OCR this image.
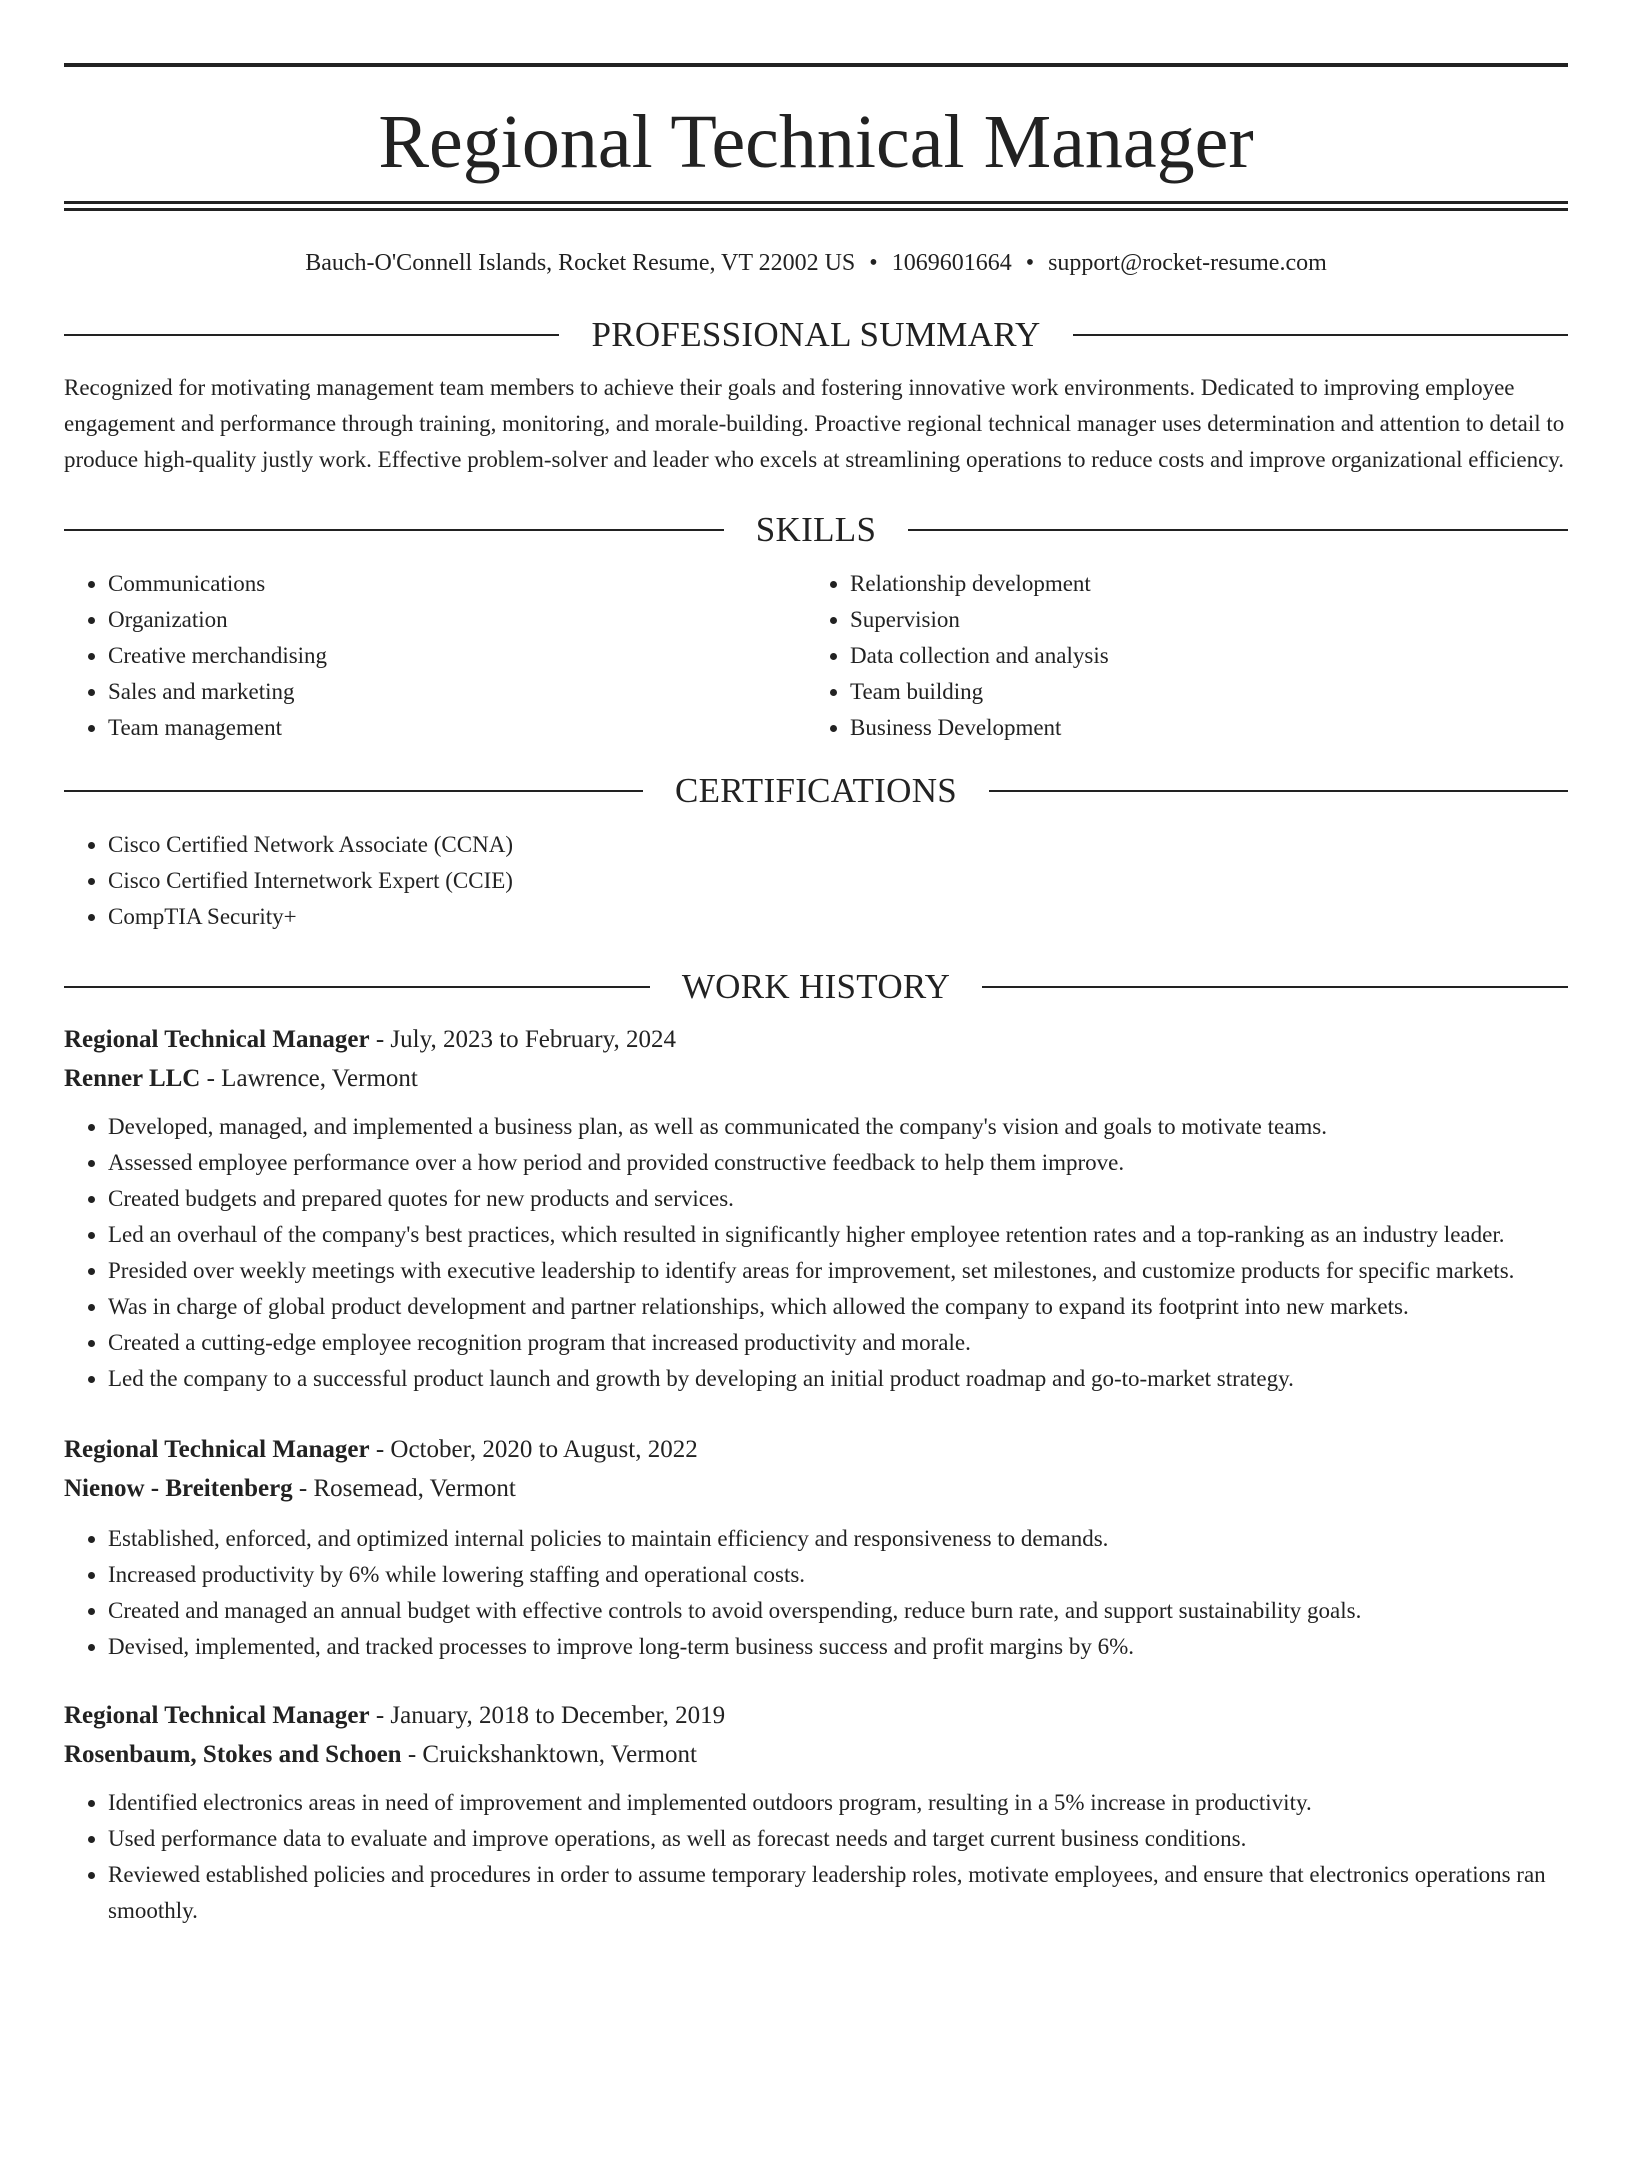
Regional Technical Manager
Bauch-O'Connell Islands, Rocket Resume, VT 22002 US • 1069601664 • support@rocket-resume.com
PROFESSIONAL SUMMARY

Recognized for motivating management team members to achieve their goals and fostering innovative work environments. Dedicated to improving employee engagement and performance through training, monitoring, and morale-building. Proactive regional technical manager uses determination and attention to detail to produce high-quality justly work. Effective problem-solver and leader who excels at streamlining operations to reduce costs and improve organizational efficiency.

SKILLS
• Communications
• Organization
• Creative merchandising
• Sales and marketing
• Team management
• Relationship development
• Supervision
• Data collection and analysis
• Team building
• Business Development
CERTIFICATIONS
• Cisco Certified Network Associate (CCNA)
• Cisco Certified Internetwork Expert (CCIE)
• CompTIA Security+
WORK HISTORY
Regional Technical Manager - July, 2023 to February, 2024
Renner LLC - Lawrence, Vermont
• Developed, managed, and implemented a business plan, as well as communicated the company's vision and goals to motivate teams.
• Assessed employee performance over a how period and provided constructive feedback to help them improve.
• Created budgets and prepared quotes for new products and services.
• Led an overhaul of the company's best practices, which resulted in significantly higher employee retention rates and a top-ranking as an industry leader.
• Presided over weekly meetings with executive leadership to identify areas for improvement, set milestones, and customize products for specific markets.
• Was in charge of global product development and partner relationships, which allowed the company to expand its footprint into new markets.
• Created a cutting-edge employee recognition program that increased productivity and morale.
• Led the company to a successful product launch and growth by developing an initial product roadmap and go-to-market strategy.
Regional Technical Manager - October, 2020 to August, 2022
Nienow - Breitenberg - Rosemead, Vermont
• Established, enforced, and optimized internal policies to maintain efficiency and responsiveness to demands.
• Increased productivity by 6% while lowering staffing and operational costs.
• Created and managed an annual budget with effective controls to avoid overspending, reduce burn rate, and support sustainability goals.
• Devised, implemented, and tracked processes to improve long-term business success and profit margins by 6%.
Regional Technical Manager - January, 2018 to December, 2019
Rosenbaum, Stokes and Schoen - Cruickshanktown, Vermont
• Identified electronics areas in need of improvement and implemented outdoors program, resulting in a 5% increase in productivity.
• Used performance data to evaluate and improve operations, as well as forecast needs and target current business conditions.
• Reviewed established policies and procedures in order to assume temporary leadership roles, motivate employees, and ensure that electronics operations ran smoothly.
